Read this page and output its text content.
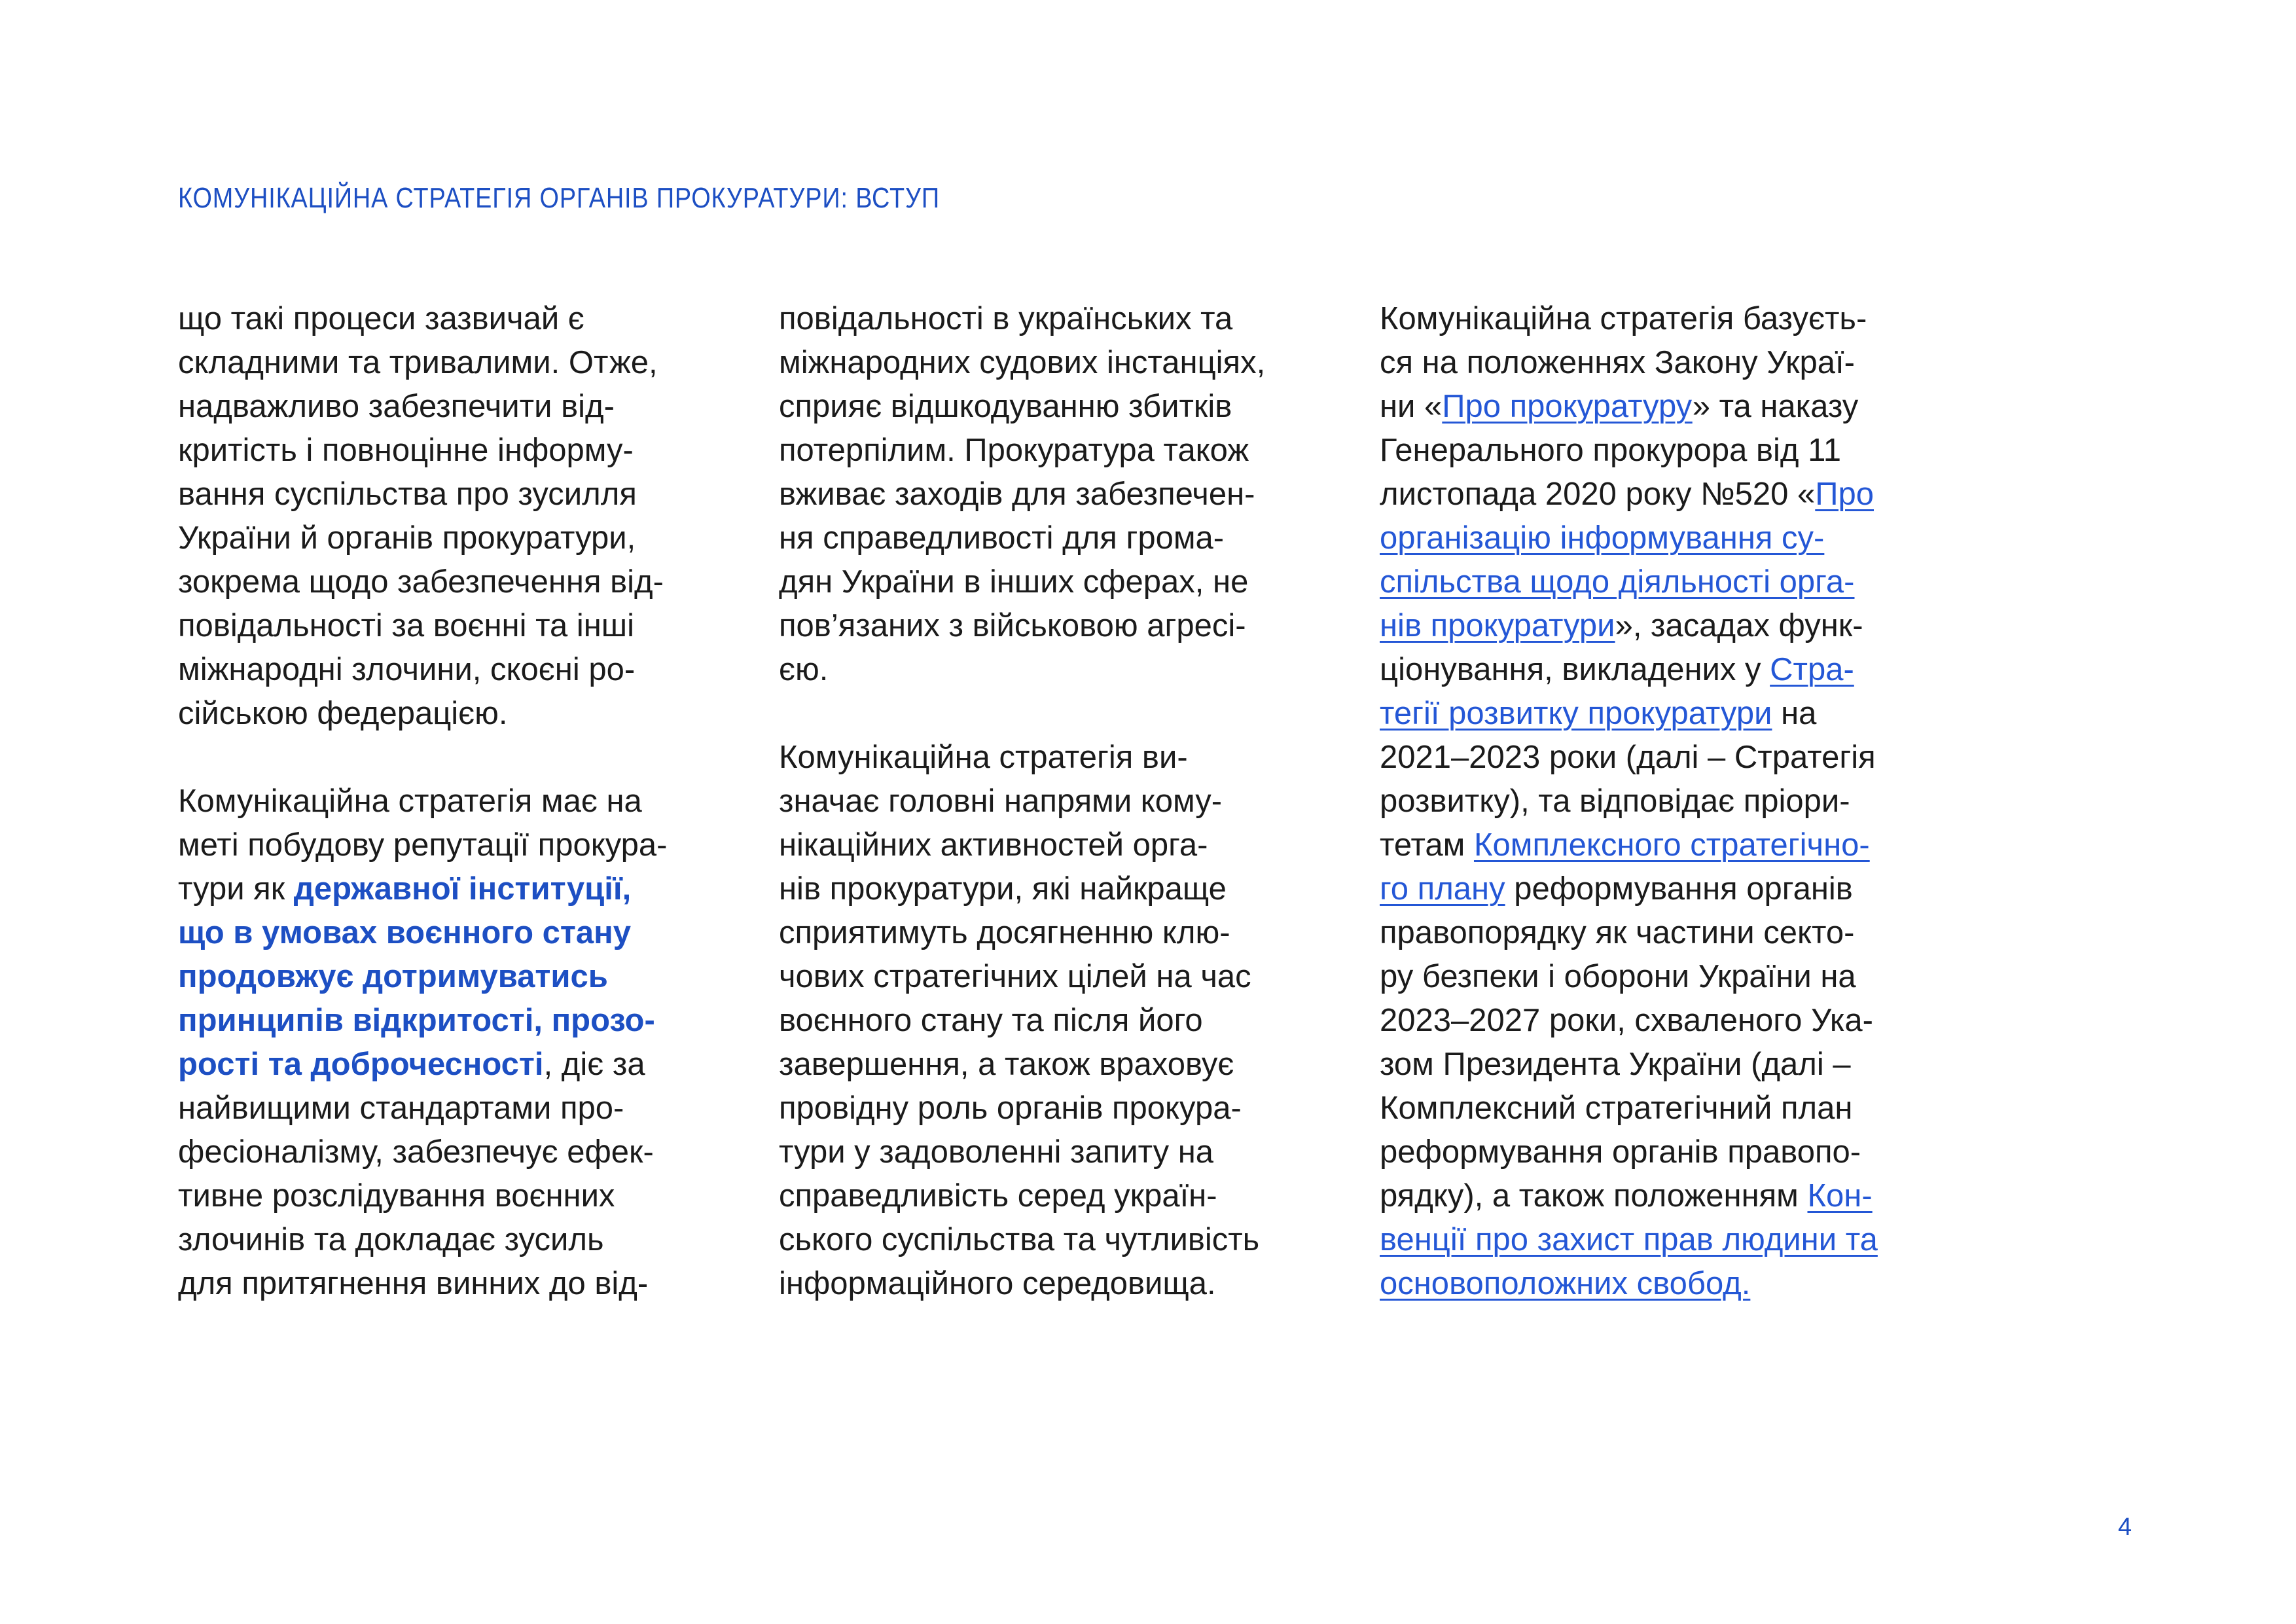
КОМУНІКАЦІЙНА СТРАТЕГІЯ ОРГАНІВ ПРОКУРАТУРИ: ВСТУП
що такі процеси зазвичай є
складними та тривалими. Отже,
надважливо забезпечити від-
критість і повноцінне інформу-
вання суспільства про зусилля
України й органів прокуратури,
зокрема щодо забезпечення від-
повідальності за воєнні та інші
міжнародні злочини, скоєні ро-
сійською федерацією.
Комунікаційна стратегія має на
меті побудову репутації прокура-
тури як державної інституції,
що в умовах воєнного стану
продовжує дотримуватись
принципів відкритості, прозо-
рості та доброчесності, діє за
найвищими стандартами про-
фесіоналізму, забезпечує ефек-
тивне розслідування воєнних
злочинів та докладає зусиль
для притягнення винних до від-
повідальності в українських та
міжнародних судових інстанціях,
сприяє відшкодуванню збитків
потерпілим. Прокуратура також
вживає заходів для забезпечен-
ня справедливості для грома-
дян України в інших сферах, не
пов’язаних з військовою агресі-
єю.
Комунікаційна стратегія ви-
значає головні напрями кому-
нікаційних активностей орга-
нів прокуратури, які найкраще
сприятимуть досягненню клю-
чових стратегічних цілей на час
воєнного стану та після його
завершення, а також враховує
провідну роль органів прокура-
тури у задоволенні запиту на
справедливість серед україн-
ського суспільства та чутливість
інформаційного середовища.
Комунікаційна стратегія базуєть-
ся на положеннях Закону Украї-
ни «Про прокуратуру» та наказу
Генерального прокурора від 11
листопада 2020 року №520 «Про
організацію інформування су-
спільства щодо діяльності орга-
нів прокуратури», засадах функ-
ціонування, викладених у Стра-
тегії розвитку прокуратури на
2021–2023 роки (далі – Стратегія
розвитку), та відповідає пріори-
тетам Комплексного стратегічно-
го плану реформування органів
правопорядку як частини секто-
ру безпеки і оборони України на
2023–2027 роки, схваленого Ука-
зом Президента України (далі –
Комплексний стратегічний план
реформування органів правопо-
рядку), а також положенням Кон-
венції про захист прав людини та
основоположних свобод.
4
